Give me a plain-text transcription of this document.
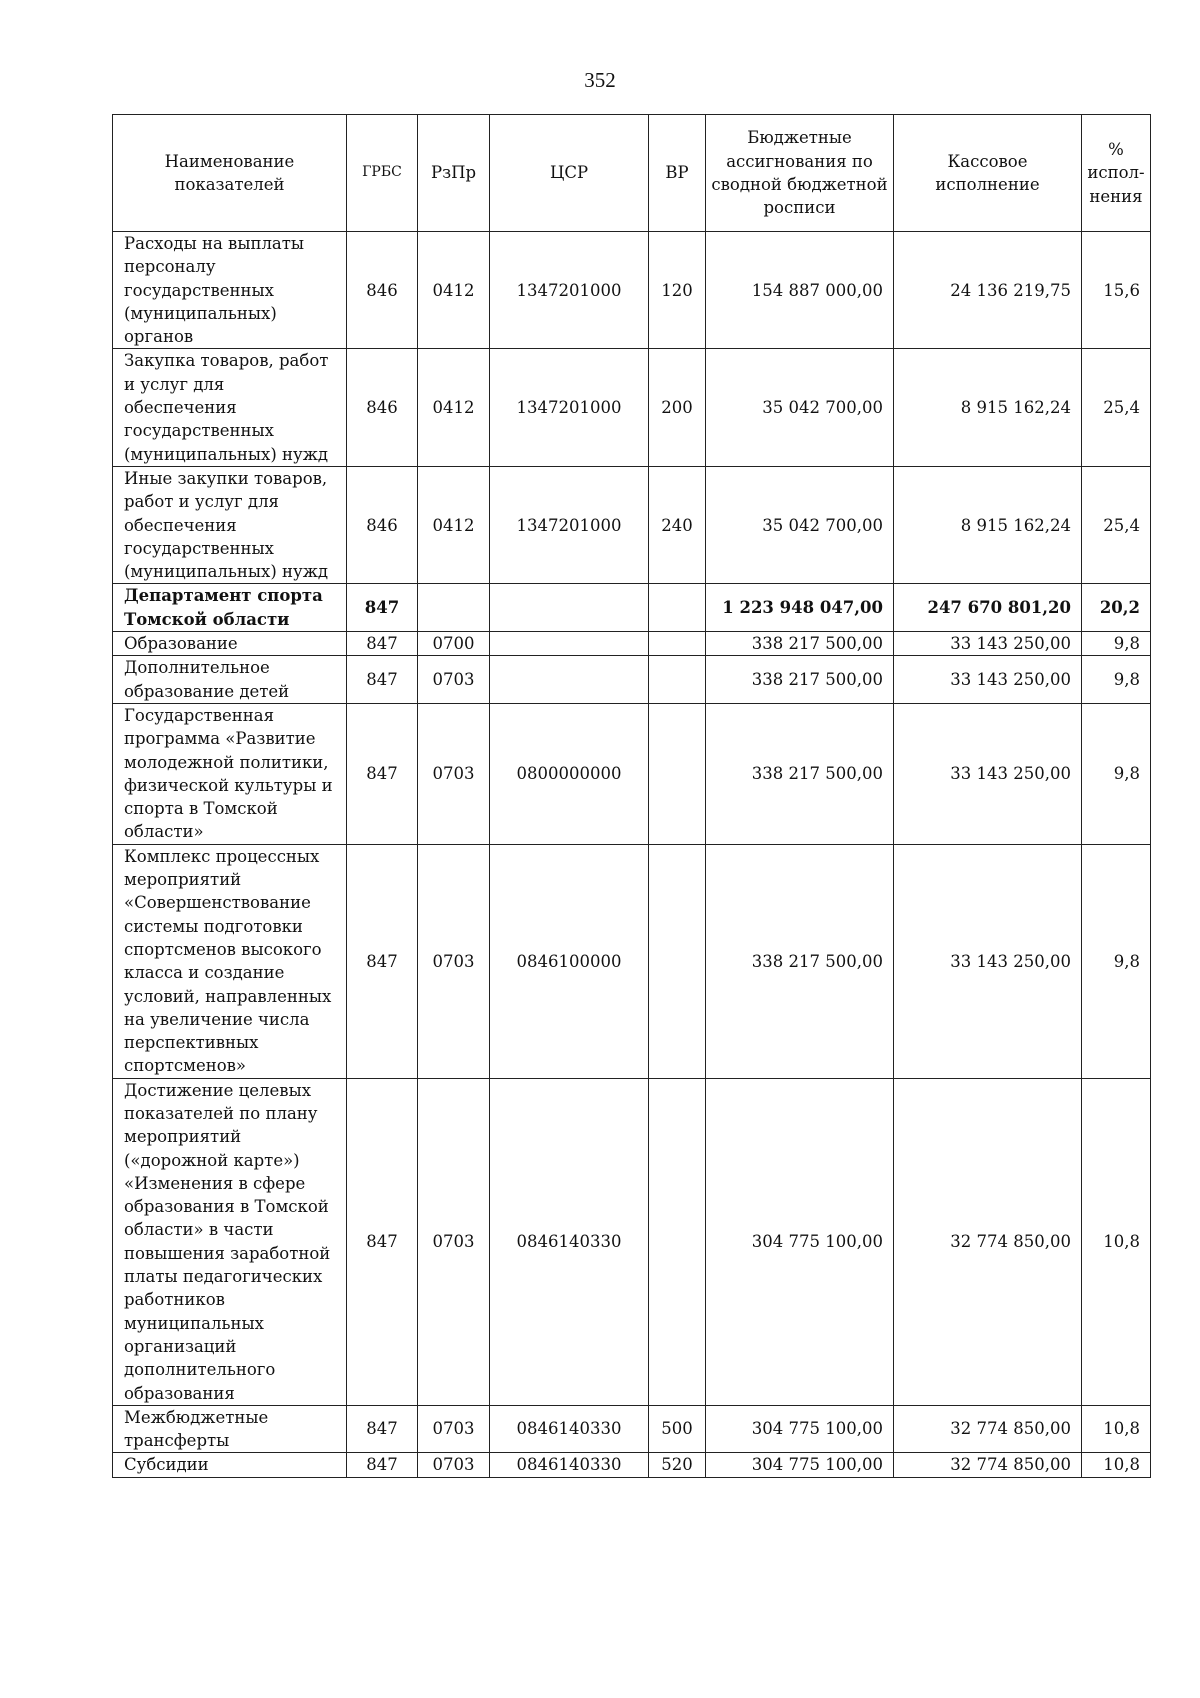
352
Наименование показателей	ГРБС	РзПр	ЦСР	ВР	Бюджетные ассигнования по сводной бюджетной росписи	Кассовое исполнение	% испол-нения
Расходы на выплаты персоналу государственных (муниципальных) органов	846	0412	1347201000	120	154 887 000,00	24 136 219,75	15,6
Закупка товаров, работ и услуг для обеспечения государственных (муниципальных) нужд	846	0412	1347201000	200	35 042 700,00	8 915 162,24	25,4
Иные закупки товаров, работ и услуг для обеспечения государственных (муниципальных) нужд	846	0412	1347201000	240	35 042 700,00	8 915 162,24	25,4
Департамент спорта Томской области	847				1 223 948 047,00	247 670 801,20	20,2
Образование	847	0700			338 217 500,00	33 143 250,00	9,8
Дополнительное образование детей	847	0703			338 217 500,00	33 143 250,00	9,8
Государственная программа «Развитие молодежной политики, физической культуры и спорта в Томской области»	847	0703	0800000000		338 217 500,00	33 143 250,00	9,8
Комплекс процессных мероприятий «Совершенствование системы подготовки спортсменов высокого класса и создание условий, направленных на увеличение числа перспективных спортсменов»	847	0703	0846100000		338 217 500,00	33 143 250,00	9,8
Достижение целевых показателей по плану мероприятий («дорожной карте») «Изменения в сфере образования в Томской области» в части повышения заработной платы педагогических работников муниципальных организаций дополнительного образования	847	0703	0846140330		304 775 100,00	32 774 850,00	10,8
Межбюджетные трансферты	847	0703	0846140330	500	304 775 100,00	32 774 850,00	10,8
Субсидии	847	0703	0846140330	520	304 775 100,00	32 774 850,00	10,8
